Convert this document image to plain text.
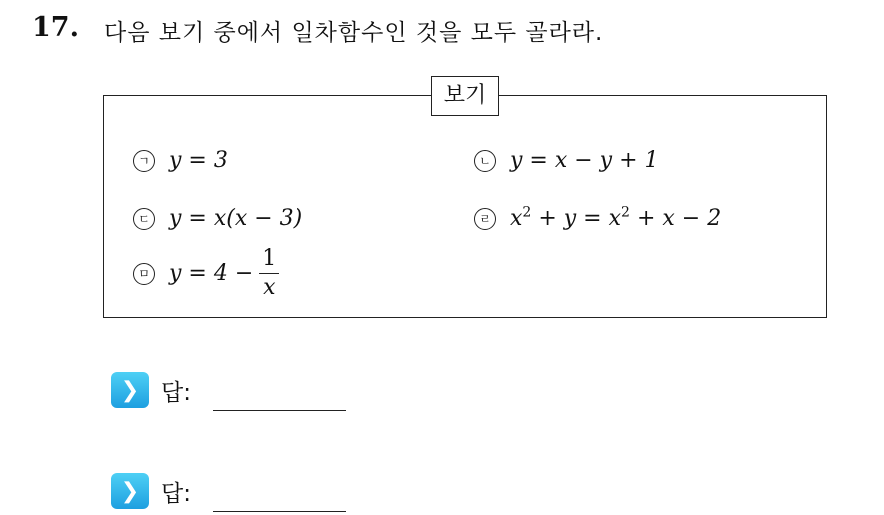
17. 다음 보기 중에서 일차함수인 것을 모두 골라라.
보기
ㄱ y = 3	ㄴ y = x − y + 1
ㄷ y = x(x − 3)	ㄹ $x^2 + y = x^2 + x - 2$
ㅁ $y = 4 - \frac{1}{x}$
❯ 답:
❯ 답:
